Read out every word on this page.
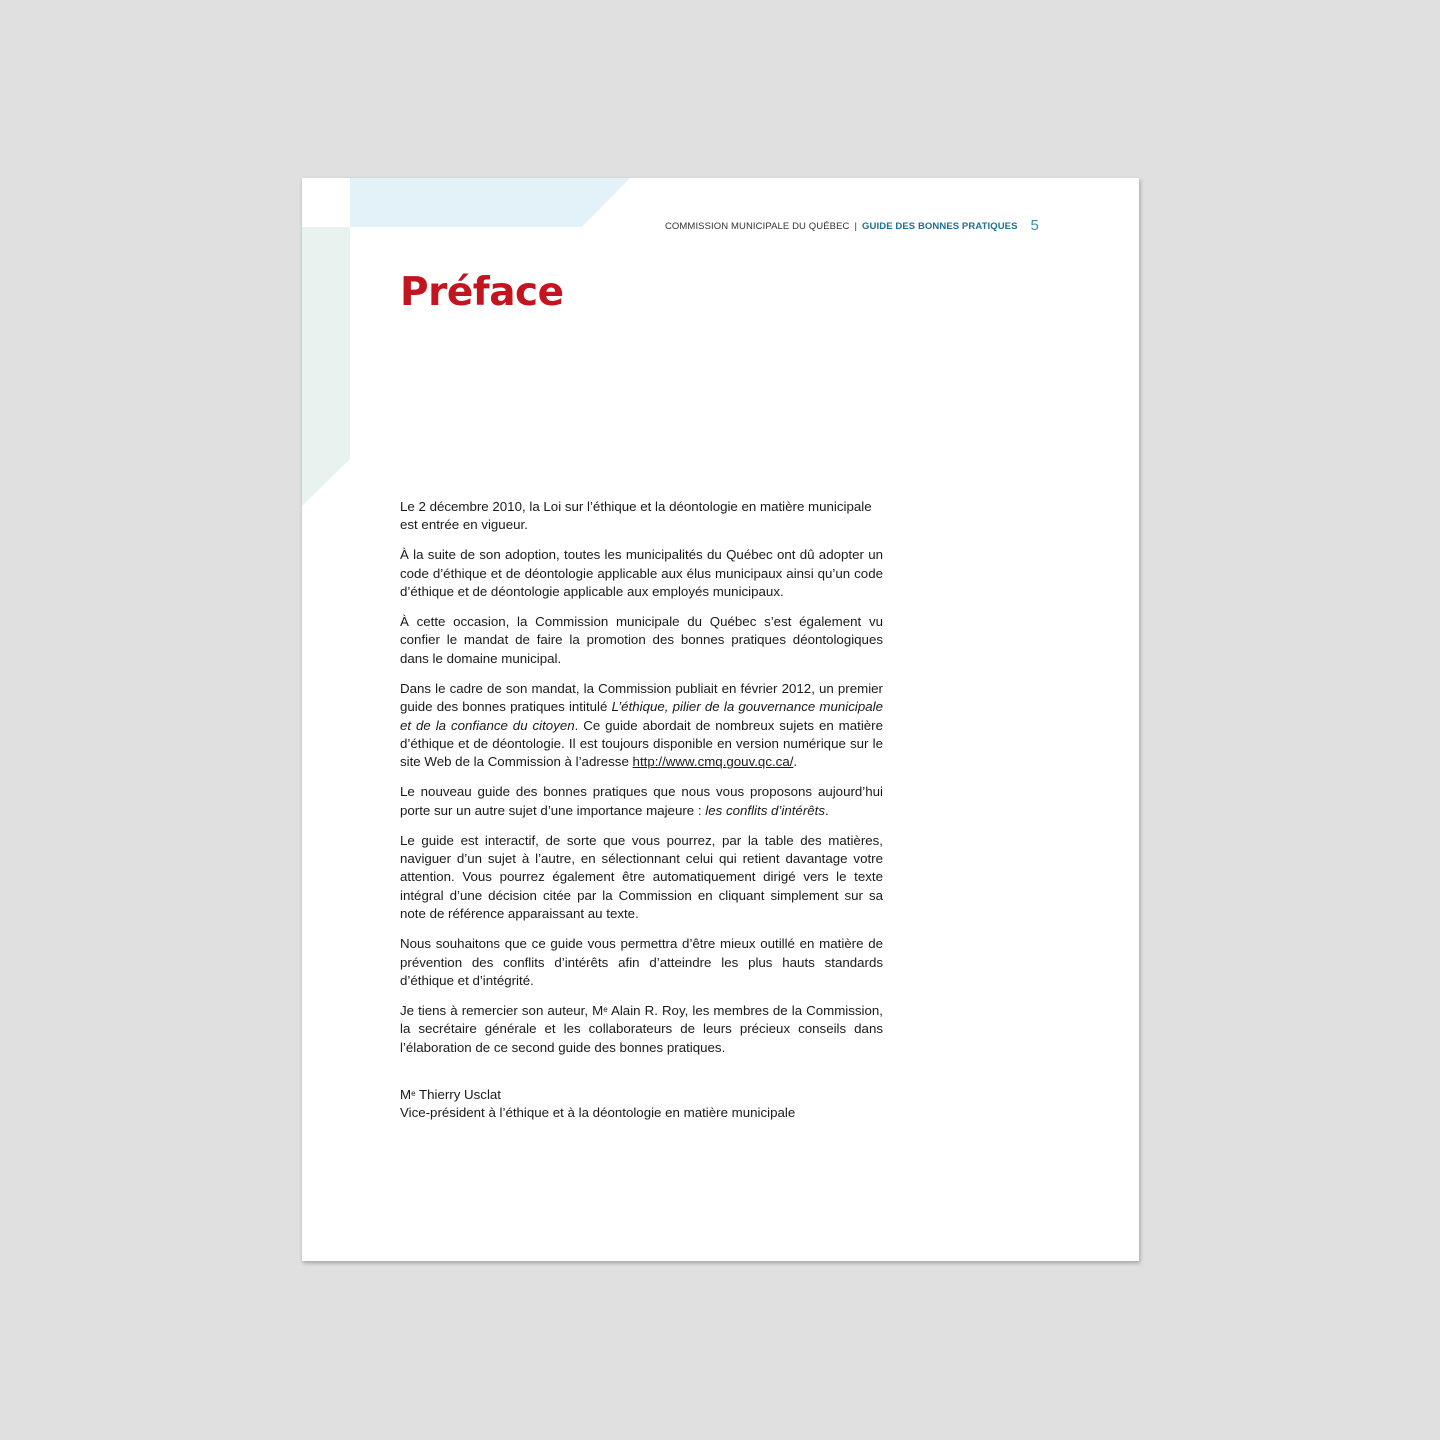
COMMISSION MUNICIPALE DU QUÉBEC | GUIDE DES BONNES PRATIQUES 5
Préface

Le 2 décembre 2010, la Loi sur l’éthique et la déontologie en matière municipale est entrée en vigueur.

À la suite de son adoption, toutes les municipalités du Québec ont dû adopter un code d’éthique et de déontologie applicable aux élus municipaux ainsi qu’un code d’éthique et de déontologie applicable aux employés municipaux.

À cette occasion, la Commission municipale du Québec s’est également vu confier le mandat de faire la promotion des bonnes pratiques déontologiques dans le domaine municipal.

Dans le cadre de son mandat, la Commission publiait en février 2012, un premier guide des bonnes pratiques intitulé L’éthique, pilier de la gouvernance municipale et de la confiance du citoyen. Ce guide abordait de nombreux sujets en matière d’éthique et de déontologie. Il est toujours disponible en version numérique sur le site Web de la Commission à l’adresse http://www.cmq.gouv.qc.ca/.

Le nouveau guide des bonnes pratiques que nous vous proposons aujourd’hui porte sur un autre sujet d’une importance majeure : les conflits d’intérêts.

Le guide est interactif, de sorte que vous pourrez, par la table des matières, naviguer d’un sujet à l’autre, en sélectionnant celui qui retient davantage votre attention. Vous pourrez également être automatiquement dirigé vers le texte intégral d’une décision citée par la Commission en cliquant simplement sur sa note de référence apparaissant au texte.

Nous souhaitons que ce guide vous permettra d’être mieux outillé en matière de prévention des conflits d’intérêts afin d’atteindre les plus hauts standards d’éthique et d’intégrité.

Je tiens à remercier son auteur, Me Alain R. Roy, les membres de la Commission, la secrétaire générale et les collaborateurs de leurs précieux conseils dans l’élaboration de ce second guide des bonnes pratiques.

Me Thierry Usclat
Vice-président à l’éthique et à la déontologie en matière municipale
